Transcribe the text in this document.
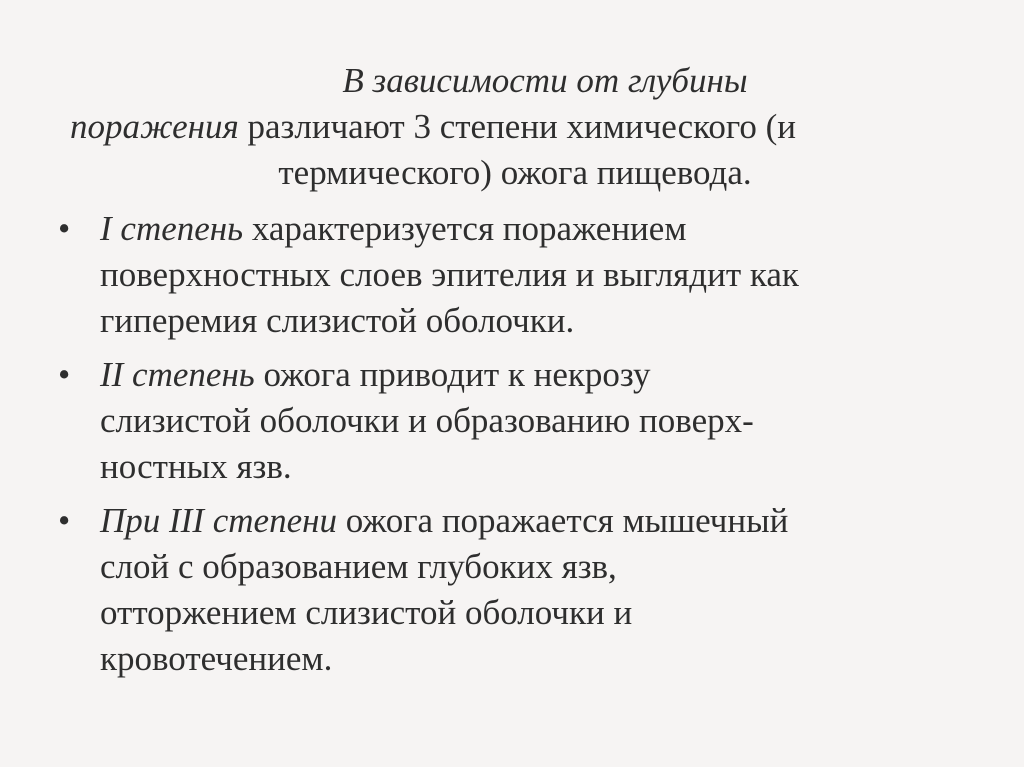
В зависимости от глубины
поражения различают 3 степени химического (и
термического) ожога пищевода.

• I степень характеризуется поражением
поверхностных слоев эпителия и выглядит как
гиперемия слизистой оболочки.
• II степень ожога приводит к некрозу
слизистой оболочки и образованию поверх-
ностных язв.
• При III степени ожога поражается мышечный
слой с образованием глубоких язв,
отторжением слизистой оболочки и
кровотечением.
